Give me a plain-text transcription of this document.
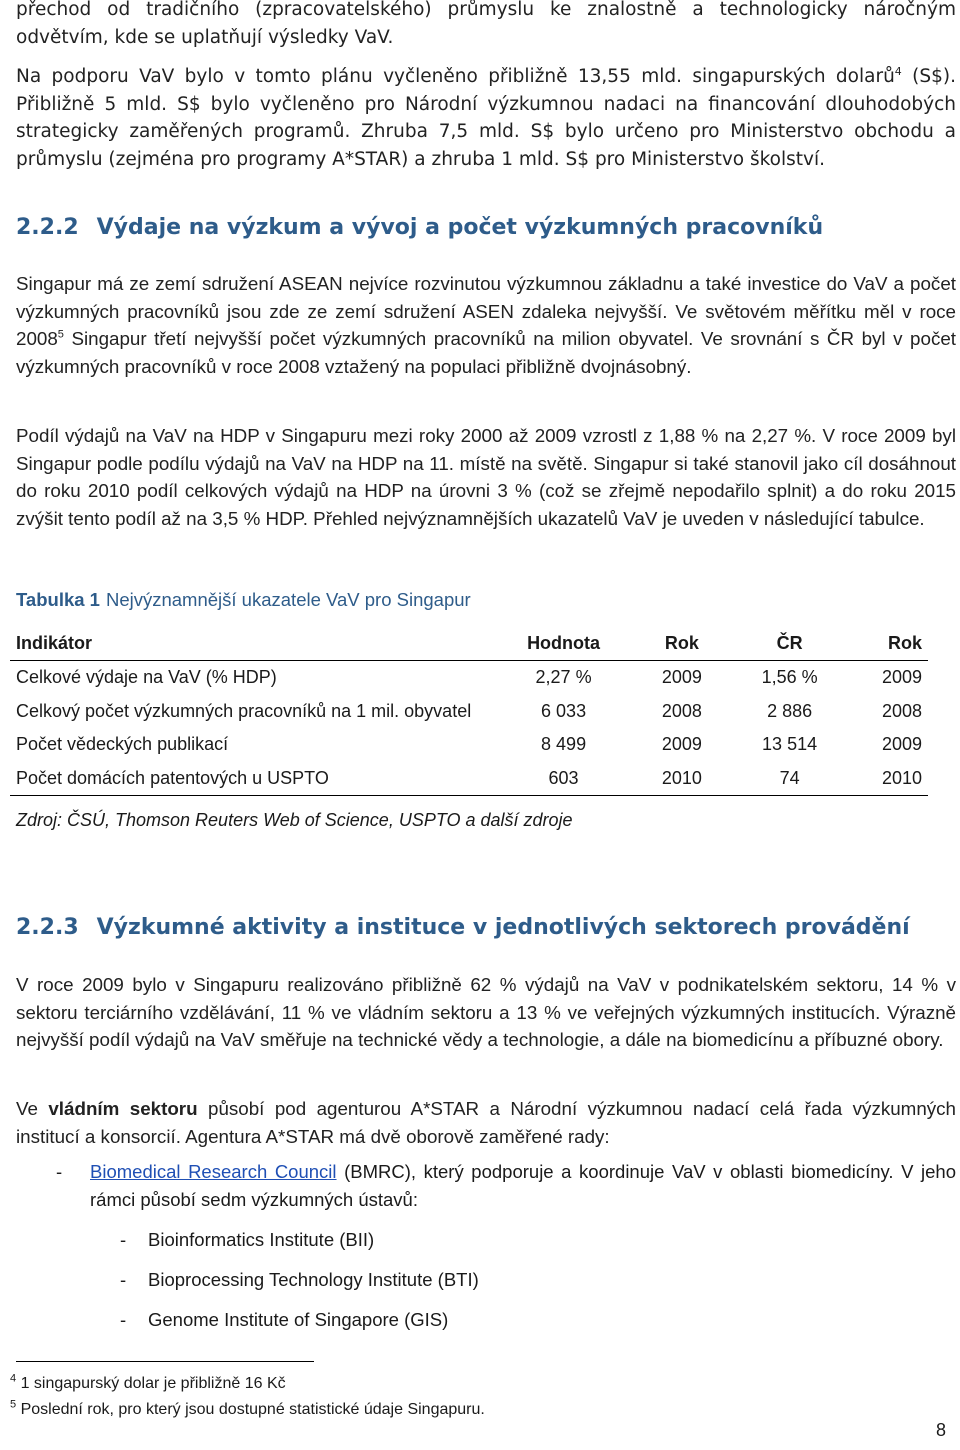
přechod od tradičního (zpracovatelského) průmyslu ke znalostně a technologicky náročným odvětvím, kde se uplatňují výsledky VaV.
Na podporu VaV bylo v tomto plánu vyčleněno přibližně 13,55 mld. singapurských dolarů$^4$ (S$). Přibližně 5 mld. S$ bylo vyčleněno pro Národní výzkumnou nadaci na financování dlouhodobých strategicky zaměřených programů. Zhruba 7,5 mld. S$ bylo určeno pro Ministerstvo obchodu a průmyslu (zejména pro programy A*STAR) a zhruba 1 mld. S$ pro Ministerstvo školství.
2.2.2 Výdaje na výzkum a vývoj a počet výzkumných pracovníků
Singapur má ze zemí sdružení ASEAN nejvíce rozvinutou výzkumnou základnu a také investice do VaV a počet výzkumných pracovníků jsou zde ze zemí sdružení ASEN zdaleka nejvyšší. Ve světovém měřítku měl v roce 2008$^5$ Singapur třetí nejvyšší počet výzkumných pracovníků na milion obyvatel. Ve srovnání s ČR byl v počet výzkumných pracovníků v roce 2008 vztažený na populaci přibližně dvojnásobný.
Podíl výdajů na VaV na HDP v Singapuru mezi roky 2000 až 2009 vzrostl z 1,88 % na 2,27 %. V roce 2009 byl Singapur podle podílu výdajů na VaV na HDP na 11. místě na světě. Singapur si také stanovil jako cíl dosáhnout do roku 2010 podíl celkových výdajů na HDP na úrovni 3 % (což se zřejmě nepodařilo splnit) a do roku 2015 zvýšit tento podíl až na 3,5 % HDP. Přehled nejvýznamnějších ukazatelů VaV je uveden v následující tabulce.
Tabulka 1 Nejvýznamnější ukazatele VaV pro Singapur
Indikátor	Hodnota	Rok	ČR	Rok
Celkové výdaje na VaV (% HDP)	2,27 %	2009	1,56 %	2009
Celkový počet výzkumných pracovníků na 1 mil. obyvatel	6 033	2008	2 886	2008
Počet vědeckých publikací	8 499	2009	13 514	2009
Počet domácích patentových u USPTO	603	2010	74	2010
Zdroj: ČSÚ, Thomson Reuters Web of Science, USPTO a další zdroje
2.2.3 Výzkumné aktivity a instituce v jednotlivých sektorech provádění
V roce 2009 bylo v Singapuru realizováno přibližně 62 % výdajů na VaV v podnikatelském sektoru, 14 % v sektoru terciárního vzdělávání, 11 % ve vládním sektoru a 13 % ve veřejných výzkumných institucích. Výrazně nejvyšší podíl výdajů na VaV směřuje na technické vědy a technologie, a dále na biomedicínu a příbuzné obory.
Ve vládním sektoru působí pod agenturou A*STAR a Národní výzkumnou nadací celá řada výzkumných institucí a konsorcií. Agentura A*STAR má dvě oborově zaměřené rady:
- Biomedical Research Council (BMRC), který podporuje a koordinuje VaV v oblasti biomedicíny. V jeho rámci působí sedm výzkumných ústavů:
- Bioinformatics Institute (BII)
- Bioprocessing Technology Institute (BTI)
- Genome Institute of Singapore (GIS)
$^4$ 1 singapurský dolar je přibližně 16 Kč
$^5$ Poslední rok, pro který jsou dostupné statistické údaje Singapuru.
8
